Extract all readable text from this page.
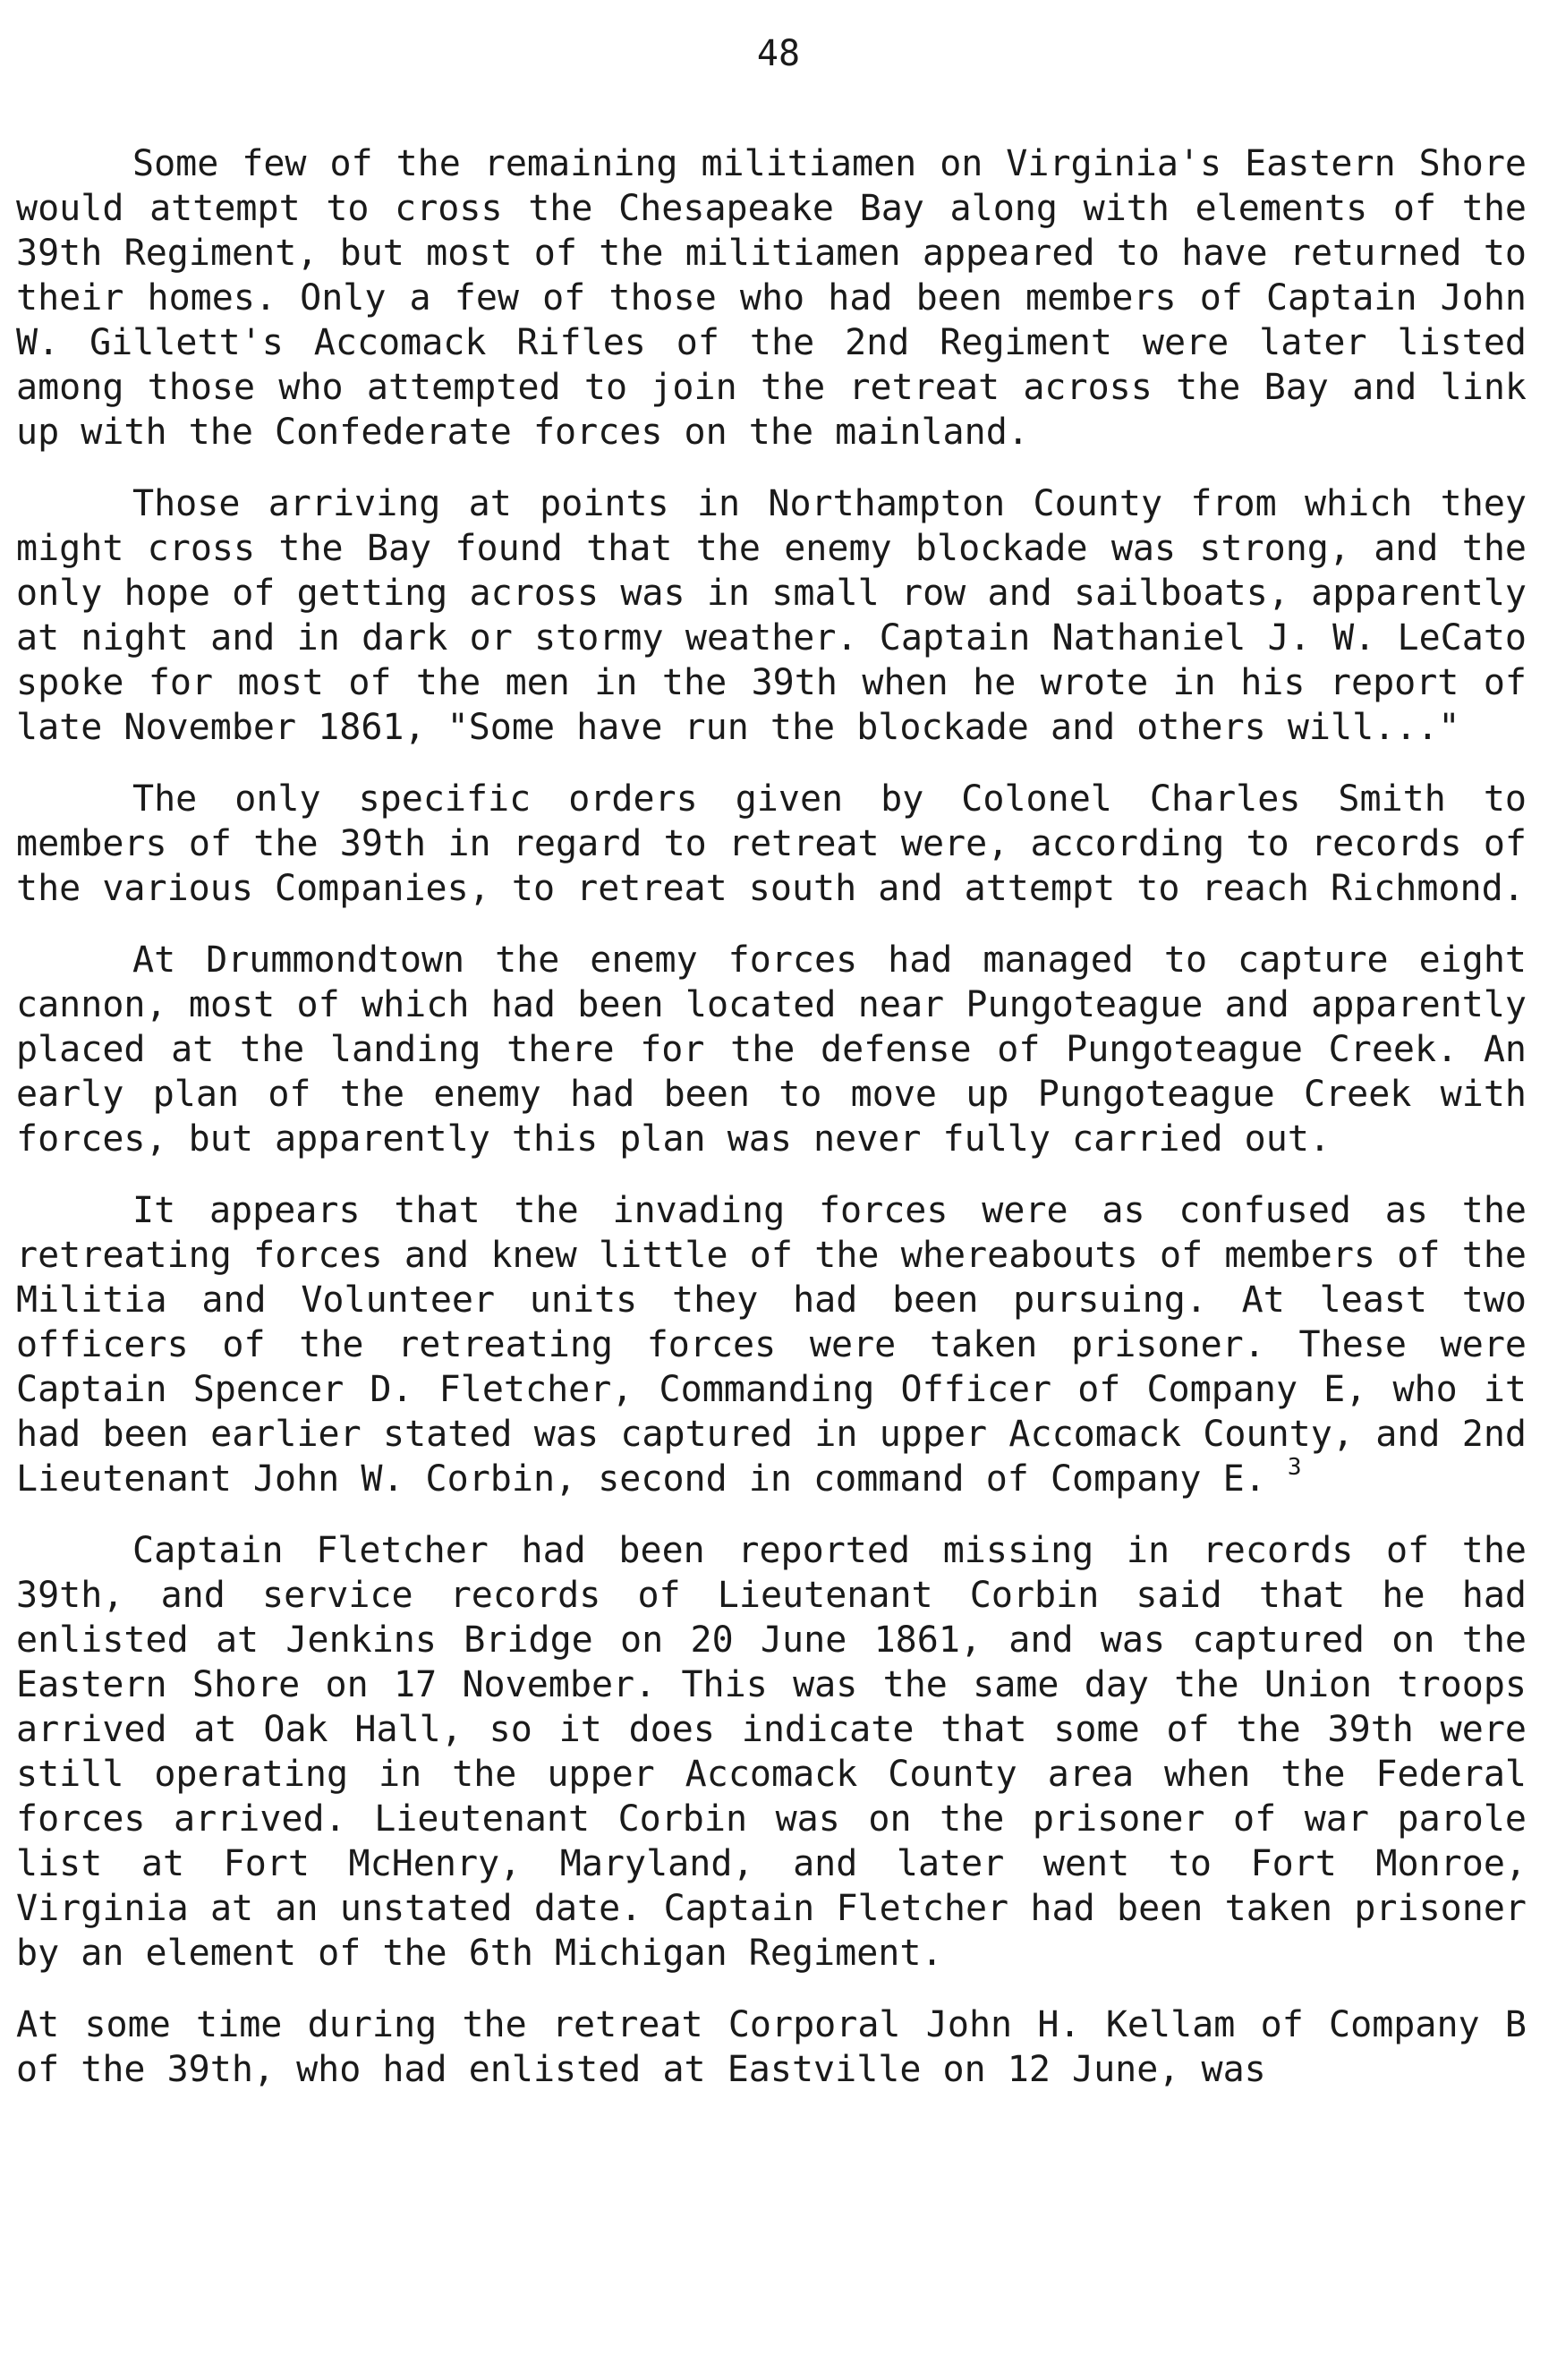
48

Some few of the remaining militiamen on Virginia's Eastern Shore would attempt to cross the Chesapeake Bay along with elements of the 39th Regiment, but most of the militiamen appeared to have returned to their homes. Only a few of those who had been members of Captain John W. Gillett's Accomack Rifles of the 2nd Regiment were later listed among those who attempted to join the retreat across the Bay and link up with the Confederate forces on the mainland.

Those arriving at points in Northampton County from which they might cross the Bay found that the enemy blockade was strong, and the only hope of getting across was in small row and sailboats, apparently at night and in dark or stormy weather. Captain Nathaniel J. W. LeCato spoke for most of the men in the 39th when he wrote in his report of late November 1861, "Some have run the blockade and others will..."

The only specific orders given by Colonel Charles Smith to members of the 39th in regard to retreat were, according to records of the various Companies, to retreat south and attempt to reach Richmond.

At Drummondtown the enemy forces had managed to capture eight cannon, most of which had been located near Pungoteague and apparently placed at the landing there for the defense of Pungoteague Creek. An early plan of the enemy had been to move up Pungoteague Creek with forces, but apparently this plan was never fully carried out.

It appears that the invading forces were as confused as the retreating forces and knew little of the whereabouts of members of the Militia and Volunteer units they had been pursuing. At least two officers of the retreating forces were taken prisoner. These were Captain Spencer D. Fletcher, Commanding Officer of Company E, who it had been earlier stated was captured in upper Accomack County, and 2nd Lieutenant John W. Corbin, second in command of Company E. $^3$

Captain Fletcher had been reported missing in records of the 39th, and service records of Lieutenant Corbin said that he had enlisted at Jenkins Bridge on 20 June 1861, and was captured on the Eastern Shore on 17 November. This was the same day the Union troops arrived at Oak Hall, so it does indicate that some of the 39th were still operating in the upper Accomack County area when the Federal forces arrived. Lieutenant Corbin was on the prisoner of war parole list at Fort McHenry, Maryland, and later went to Fort Monroe, Virginia at an unstated date. Captain Fletcher had been taken prisoner by an element of the 6th Michigan Regiment.

At some time during the retreat Corporal John H. Kellam of Company B of the 39th, who had enlisted at Eastville on 12 June, was
